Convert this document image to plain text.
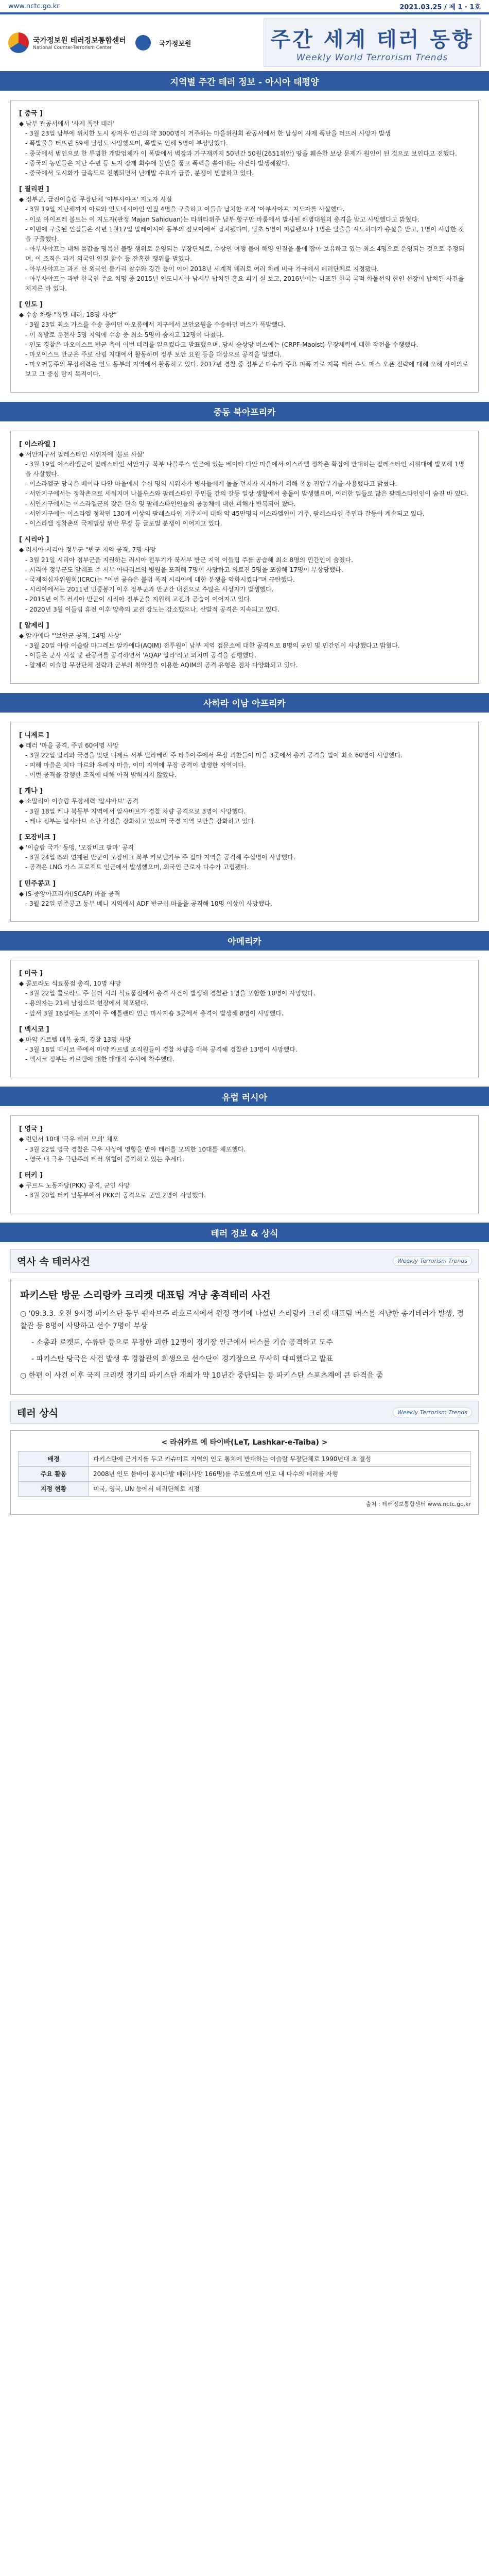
www.nctc.go.kr	2021.03.25 / 제 1 · 1호
국가정보원 테러정보통합센터
National Counter-Terrorism Center
국가정보원	주간 세계 테러 동향
Weekly World Terrorism Trends
지역별 주간 테러 정보 - 아시아 태평양
[ 중국 ]
◆ 남부 관공서에서 '사제 폭탄 테러'
- 3월 23일 남부에 위치한 도시 광저우 인근의 약 3000명이 거주하는 마을위원회 관공서에서 한 남성이 사제 폭탄을 터뜨려 사망자 발생
- 폭발물을 터뜨린 59세 남성도 사망했으며, 폭발로 인해 5명이 부상당했다.
- 중국에서 범인으로 한 투명한 개발업체가 이 폭발에서 벽장과 가구재까지 50년간 50원(2651위안) 땅을 훼손한 보상 문제가 원인이 된 것으로 보인다고 전했다.
- 중국의 농민들은 지난 수년 등 토지 강제 회수에 불만을 품고 폭력을 쏟아내는 사건이 발생해왔다.
- 중국에서 도시화가 급속도로 진행되면서 난개발 수요가 급증, 분쟁이 빈발하고 있다.
[ 필리핀 ]
◆ 정부군, 급진이슬람 무장단체 '아부사야프' 지도자 사살
- 3월 19일 지난해까지 아로와 인도네시아인 인질 4명을 구출하고 이들을 납치한 조직 '아부사야프' 지도자를 사살했다.
- 이로 아이프레 볼트는 이 지도자(관정 Majan Sahiduan)는 타위타위주 남부 항구만 바룸에서 발사된 해병대원의 총격을 받고 사망했다고 밝혔다.
- 이번에 구출된 인질들은 작년 1월17일 말레이시아 동부의 잠보아에서 납치됐다며, 당초 5명이 피랍됐으나 1명은 탈출을 시도하다가 총살을 받고, 1명이 사망한 것을 구출했다.
- 아부사야프는 대체 몸값을 명목한 불량 행위로 운영되는 무장단체로, 수상인 여행 불어 해양 인질을 볼에 잡아 보유하고 있는 최소 4명으로 운영되는 것으로 추정되며, 이 조직은 과거 외국인 인질 참수 등 잔혹한 행위를 벌였다.
- 아부사야프는 과거 한 외국인 불가리 참수와 강간 등이 이어 2018년 세계적 테러로 여러 차례 비극 가극에서 테러단체로 지정됐다.
- 아부사야프는 과반 한국인 주요 치명 중 2015년 인도니시아 남서부 납치된 홍요 피기 실 보고, 2016년에는 나포된 한국 국적 화물선의 한인 선장이 납치된 사건을 저지른 바 있다.
[ 인도 ]
◆ 수송 차량 "폭탄 테러, 18명 사상"
- 3월 23일 최소 가스를 수송 중이던 아오롬에서 지구에서 보안요원을 수송하던 버스가 폭발했다.
- 이 폭발로 운전사 5명 지역에 수송 중 최소 5명이 숨지고 12명이 다쳤다.
- 인도 경찰은 마오이스트 반군 측이 이번 테러를 일으켰다고 발표했으며, 당시 승상당 버스에는 (CRPF-Maoist) 무장세력에 대한 작전을 수행했다.
- 마오이스트 반군은 주로 산림 지대에서 활동하며 정부 보안 요원 등을 대상으로 공격을 벌였다.
- 마오쩌둥주의 무장세력은 인도 동부의 지역에서 활동하고 있다. 2017년 경찰 중 정부군 다수가 주요 피폭 가로 지목 테러 수도 매스 오픈 전략에 대해 오해 사이의로 보고 그 중심 탐지 목적이다.
중동 북아프리카
[ 이스라엘 ]
◆ 서안지구서 팔레스타인 시위자에 '불로 사살'
- 3월 19일 이스라엘군이 팔레스타인 서안지구 북부 나블루스 인근에 있는 베이타 다안 마을에서 이스라엘 정착촌 확장에 반대하는 팔레스타인 시위대에 발포해 1명을 사살했다.
- 이스라엘군 당국은 베이타 다안 마을에서 수십 명의 시위자가 병사들에게 돌을 던지자 저지하기 위해 폭동 진압무기를 사용했다고 밝혔다.
- 서안지구에서는 정착촌으로 세워지며 나블루스와 팔레스타인 주민들 간의 갈등 일상 생활에서 충돌이 발생했으며, 이러한 일들로 많은 팔레스타인인이 숨진 바 있다.
- 서안지구에서는 이스라엘군의 잦은 단속 및 팔레스타인인들의 공동체에 대한 피해가 반복되어 왔다.
- 서안지구에는 이스라엘 정착민 130개 이상의 팔레스타인 거주지에 대해 약 45만명의 이스라엘인이 거주, 팔레스타인 주민과 갈등이 계속되고 있다.
- 이스라엘 정착촌의 국제법상 위반 무장 등 글로벌 분쟁이 이어지고 있다.
[ 시리아 ]
◆ 러시아-시리아 정부군 "반군 지역 공격, 7명 사망
- 3월 21일 시리아 정부군을 지원하는 러시아 전투기가 북서부 반군 지역 이들립 주를 공습해 최소 8명의 민간인이 숨졌다.
- 시리아 정부군도 알레포 주 서부 아타리브의 병원을 포격해 7명이 사망하고 의료진 5명을 포함해 17명이 부상당했다.
- 국제적십자위원회(ICRC)는 "이번 공습은 불법 폭격 시리아에 대한 분쟁을 악화시켰다"며 규탄했다.
- 시리아에서는 2011년 민중봉기 이후 정부군과 반군간 내전으로 수많은 사상자가 발생했다.
- 2015년 이후 러시아 반군이 시리아 정부군을 지원해 교전과 공습이 이어지고 있다.
- 2020년 3월 이들립 휴전 이후 양측의 교전 강도는 감소했으나, 산발적 공격은 지속되고 있다.
[ 알제리 ]
◆ 알카에다 "'보안군 공격, 14명 사상'
- 3월 20일 아랍 이슬람 마그레브 알카에다(AQIM) 전투원이 남부 지역 검문소에 대한 공격으로 8명의 군인 및 민간인이 사망했다고 밝혔다.
- 이들은 군사 시설 및 관공서를 공격하면서 'AQAP 알라'라고 외치며 공격을 감행했다.
- 알제리 이슬람 무장단체 전략과 군부의 취약점을 이용한 AQIM의 공격 유형은 점차 다양화되고 있다.
사하라 이남 아프리카
[ 니제르 ]
◆ 테러 '마을 공격, 주민 60여명 사망
- 3월 22일 말리와 국경을 맞댄 니제르 서부 틸라베리 주 타후아주에서 무장 괴한들이 마을 3곳에서 총기 공격을 벌여 최소 60명이 사망했다.
- 피해 마을은 치다 마르와 우레지 마을, 이미 지역에 무장 공격이 발생한 지역이다.
- 이번 공격을 감행한 조직에 대해 아직 밝혀지지 않았다.
[ 케냐 ]
◆ 소말리아 이슬람 무장세력 '알샤바브' 공격
- 3월 18일 케냐 북동부 지역에서 알샤바브가 경찰 차량 공격으로 3명이 사망했다.
- 케냐 정부는 알샤바브 소탕 작전을 강화하고 있으며 국경 지역 보안을 강화하고 있다.
[ 모잠비크 ]
◆ '이슬람 국가' 동맹, '모잠비크 팔마' 공격
- 3월 24일 IS와 연계된 반군이 모잠비크 북부 카보델가두 주 팔마 지역을 공격해 수십명이 사망했다.
- 공격은 LNG 가스 프로젝트 인근에서 발생했으며, 외국인 근로자 다수가 고립됐다.
[ 민주콩고 ]
◆ IS-중앙아프리카(ISCAP) 마을 공격
- 3월 22일 민주콩고 동부 베니 지역에서 ADF 반군이 마을을 공격해 10명 이상이 사망했다.
아메리카
[ 미국 ]
◆ 콜로라도 식료품점 총격, 10명 사망
- 3월 22일 콜로라도 주 볼더 시의 식료품점에서 총격 사건이 발생해 경찰관 1명을 포함한 10명이 사망했다.
- 용의자는 21세 남성으로 현장에서 체포됐다.
- 앞서 3월 16일에는 조지아 주 애틀랜타 인근 마사지숍 3곳에서 총격이 발생해 8명이 사망했다.
[ 멕시코 ]
◆ 마약 카르텔 매복 공격, 경찰 13명 사망
- 3월 18일 멕시코 주에서 마약 카르텔 조직원들이 경찰 차량을 매복 공격해 경찰관 13명이 사망했다.
- 멕시코 정부는 카르텔에 대한 대대적 수사에 착수했다.
유럽 러시아
[ 영국 ]
◆ 런던서 10대 '극우 테러 모의' 체포
- 3월 22일 영국 경찰은 극우 사상에 영향을 받아 테러를 모의한 10대를 체포했다.
- 영국 내 극우 극단주의 테러 위협이 증가하고 있는 추세다.
[ 터키 ]
◆ 쿠르드 노동자당(PKK) 공격, 군인 사망
- 3월 20일 터키 남동부에서 PKK의 공격으로 군인 2명이 사망했다.
테러 정보 & 상식
역사 속 테러사건	Weekly Terrorism Trends
파키스탄 방문 스리랑카 크리켓 대표팀 겨냥 총격테러 사건
○ '09.3.3. 오전 9시경 파키스탄 동부 펀자브주 라호르시에서 원정 경기에 나섰던 스리랑카 크리켓 대표팀 버스를 겨냥한 총기테러가 발생, 경찰관 등 8명이 사망하고 선수 7명이 부상
- 소총과 로켓포, 수류탄 등으로 무장한 괴한 12명이 경기장 인근에서 버스를 기습 공격하고 도주
- 파키스탄 당국은 사건 발생 후 경찰관의 희생으로 선수단이 경기장으로 무사히 대피했다고 발표
○ 한편 이 사건 이후 국제 크리켓 경기의 파키스탄 개최가 약 10년간 중단되는 등 파키스탄 스포츠계에 큰 타격을 줌
테러 상식	Weekly Terrorism Trends
< 라쉬카르 에 타이바(LeT, Lashkar-e-Taiba) >
배경	파키스탄에 근거지를 두고 카슈미르 지역의 인도 통치에 반대하는 이슬람 무장단체로 1990년대 초 결성
주요 활동	2008년 인도 뭄바이 동시다발 테러(사망 166명)를 주도했으며 인도 내 다수의 테러를 자행
지정 현황	미국, 영국, UN 등에서 테러단체로 지정
출처 : 테러정보통합센터 www.nctc.go.kr
